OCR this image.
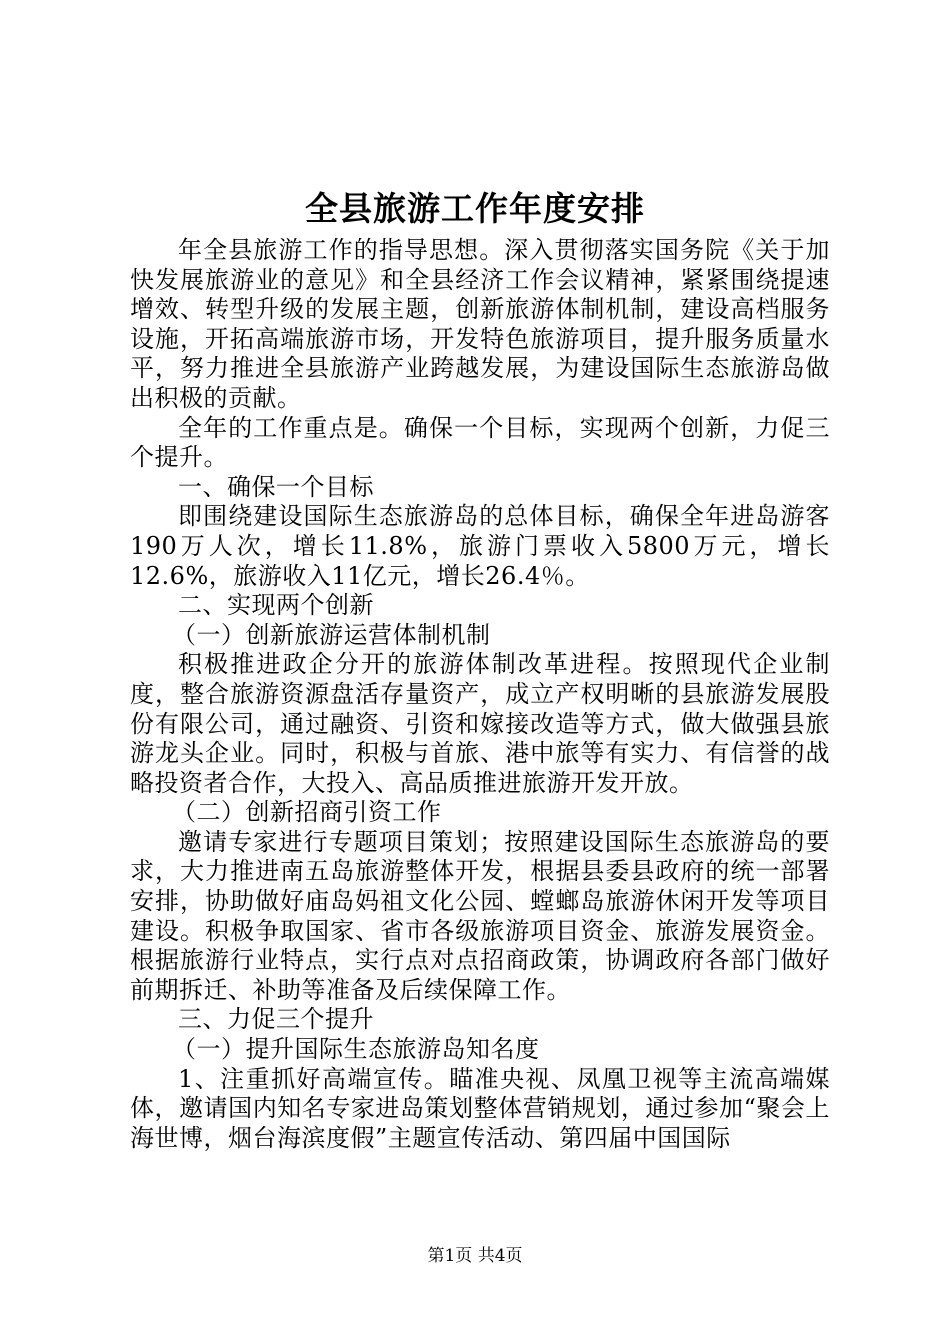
全县旅游工作年度安排

年全县旅游工作的指导思想。深入贯彻落实国务院《关于加快发展旅游业的意见》和全县经济工作会议精神，紧紧围绕提速增效、转型升级的发展主题，创新旅游体制机制，建设高档服务设施，开拓高端旅游市场，开发特色旅游项目，提升服务质量水平，努力推进全县旅游产业跨越发展，为建设国际生态旅游岛做出积极的贡献。

全年的工作重点是。确保一个目标，实现两个创新，力促三个提升。

一、确保一个目标

即围绕建设国际生态旅游岛的总体目标，确保全年进岛游客190万人次，增长11.8%，旅游门票收入5800万元，增长12.6%，旅游收入11亿元，增长26.4％。

二、实现两个创新

（一）创新旅游运营体制机制

积极推进政企分开的旅游体制改革进程。按照现代企业制度，整合旅游资源盘活存量资产，成立产权明晰的县旅游发展股份有限公司，通过融资、引资和嫁接改造等方式，做大做强县旅游龙头企业。同时，积极与首旅、港中旅等有实力、有信誉的战略投资者合作，大投入、高品质推进旅游开发开放。

（二）创新招商引资工作

邀请专家进行专题项目策划；按照建设国际生态旅游岛的要求，大力推进南五岛旅游整体开发，根据县委县政府的统一部署安排，协助做好庙岛妈祖文化公园、螳螂岛旅游休闲开发等项目建设。积极争取国家、省市各级旅游项目资金、旅游发展资金。根据旅游行业特点，实行点对点招商政策，协调政府各部门做好前期拆迁、补助等准备及后续保障工作。

三、力促三个提升

（一）提升国际生态旅游岛知名度

1、注重抓好高端宣传。瞄准央视、凤凰卫视等主流高端媒体，邀请国内知名专家进岛策划整体营销规划，通过参加“聚会上海世博，烟台海滨度假”主题宣传活动、第四届中国国际

第1页 共4页
